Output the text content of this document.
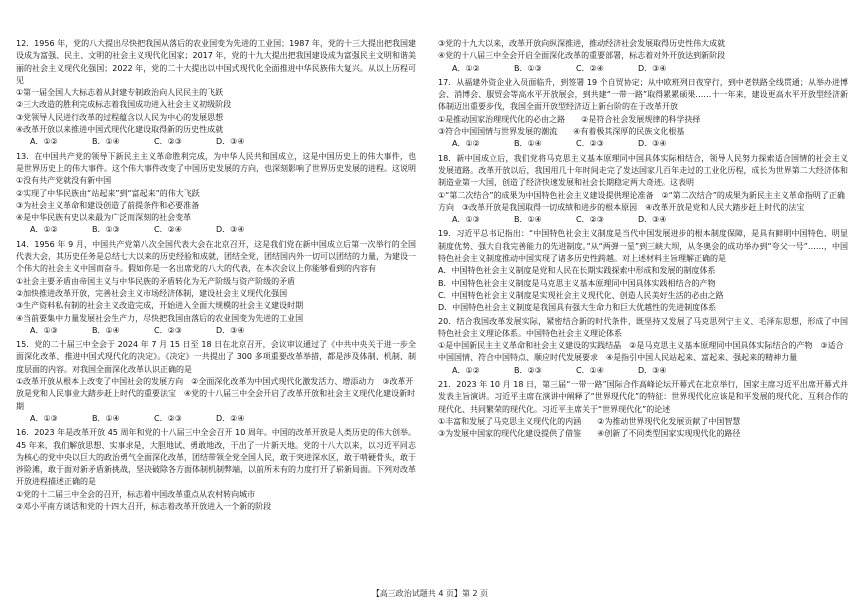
12．1956 年，党的八大提出尽快把我国从落后的农业国变为先进的工业国；1987 年，党的十三大提出把我国建设成为富强、民主、文明的社会主义现代化国家；2017 年，党的十九大提出把我国建设成为富强民主文明和谐美丽的社会主义现代化强国；2022 年，党的二十大提出以中国式现代化全面推进中华民族伟大复兴。从以上历程可见

①第一届全国人大标志着从封建专制政治向人民民主的飞跃

②三大改造的胜利完成标志着我国成功进入社会主义初级阶段

③党领导人民进行改革的过程蕴含以人民为中心的发展思想

④改革开放以来推进中国式现代化建设取得新的历史性成就

A．①②	B．①④	C．②③	D．③④

13．在中国共产党的领导下新民主主义革命胜利完成，为中华人民共和国成立，这是中国历史上的伟大事件，也是世界历史上的伟大事件。这个伟大事件改变了中国历史发展的方向，也深刻影响了世界历史发展的进程。这说明

①没有共产党就没有新中国

②实现了中华民族由“站起来”到“富起来”的伟大飞跃

③为社会主义革命和建设创造了前提条件和必要准备

④是中华民族有史以来最为广泛而深刻的社会变革

A．①②	B．①③	C．②④	D．③④

14．1956 年 9 月，中国共产党第八次全国代表大会在北京召开，这是我们党在新中国成立后第一次举行的全国代表大会，其历史任务是总结七大以来的历史经验和成就，团结全党，团结国内外一切可以团结的力量，为建设一个伟大的社会主义中国而奋斗。假如你是一名出席党的八大的代表，在本次会议上你能够看到的内容有

①社会主要矛盾由帝国主义与中华民族的矛盾转化为无产阶级与资产阶级的矛盾

②加快推进改革开放，完善社会主义市场经济体制，建设社会主义现代化强国

③生产资料私有制的社会主义改造完成，开始进入全面大规模的社会主义建设时期

④当前要集中力量发展社会生产力，尽快把我国由落后的农业国变为先进的工业国

A．①③	B．①④	C．②③	D．③④

15．党的二十届三中全会于 2024 年 7 月 15 日至 18 日在北京召开，会议审议通过了《中共中央关于进一步全面深化改革、推进中国式现代化的决定》。《决定》一共提出了 300 多项重要改革举措，都是涉及体制、机制、制度层面的内容。对我国全面深化改革认识正确的是

①改革开放从根本上改变了中国社会的发展方向　②全面深化改革为中国式现代化激发活力、增添动力　③改革开放是党和人民事业大踏步赶上时代的重要法宝　④党的十八届三中全会开启了改革开放和社会主义现代化建设新时期

A．①③	B．①④	C．②③	D．②④

16．2023 年是改革开放 45 周年和党的十八届三中全会召开 10 周年。中国的改革开放是人类历史的伟大创举。45 年来，我们解放思想、实事求是，大胆地试、勇敢地改，干出了一片新天地。党的十八大以来，以习近平同志为核心的党中央以巨大的政治勇气全面深化改革，团结带领全党全国人民，敢于突进深水区，敢于啃硬骨头，敢于涉险滩，敢于面对新矛盾新挑战，坚决破除各方面体制机制弊端，以前所未有的力度打开了崭新局面。下列对改革开放进程描述正确的是

①党的十二届三中全会的召开，标志着中国改革重点从农村转向城市

②邓小平南方谈话和党的十四大召开，标志着改革开放进入一个新的阶段

③党的十九大以来，改革开放向纵深推进，推动经济社会发展取得历史性伟大成就

④党的十八届三中全会开启全面深化改革的重要部署，标志着对外开放达到新阶段

A．①②	B．①③	C．②④	D．③④

17．从福建外资企业入员面临升，到签署 19 个自贸协定；从中欧班列日夜穿行，到中老铁路全线贯通；从举办进博会、消博会、服贸会等高水平开放展会，到共建“一带一路”取得累累硕果……十一年来，建设更高水平开放型经济新体制迈出重要步伐，我国全面开放型经济迈上新台阶的在于改革开放

①是推动国家治理现代化的必由之路　　②是符合社会发展规律的科学抉择

③符合中国国情与世界发展的潮流　　④有着极其深厚的民族文化根基

A．①②	B．①④	C．②③	D．③④

18．新中国成立后，我们党将马克思主义基本原理同中国具体实际相结合，领导人民努力探索适合国情的社会主义发展道路。改革开放以后，我国用几十年时间走完了发达国家几百年走过的工业化历程，成长为世界第二大经济体和制造业第一大国，创造了经济快速发展和社会长期稳定两大奇迹。这表明

①“第二次结合”的成果为中国特色社会主义建设提供理论准备　②“第二次结合”的成果为新民主主义革命指明了正确方向　③改革开放是我国取得一切成绩和进步的根本原因　④改革开放是党和人民大踏步赶上时代的法宝

A．①③	B．①④	C．②③	D．③④

19．习近平总书记指出：“中国特色社会主义制度是当代中国发展进步的根本制度保障，是具有鲜明中国特色、明显制度优势、强大自我完善能力的先进制度。”从“两弹一星”到三峡大坝，从冬奥会的成功举办到“夸父一号”……，中国特色社会主义制度推动中国实现了诸多历史性跨越。对上述材料主旨理解正确的是

A．中国特色社会主义制度是党和人民在长期实践探索中形成和发展的制度体系

B．中国特色社会主义制度是马克思主义基本原理同中国具体实践相结合的产物

C．中国特色社会主义制度是实现社会主义现代化、创造人民美好生活的必由之路

D．中国特色社会主义制度是我国具有强大生命力和巨大优越性的先进制度体系

20．结合我国改革发展实际，紧密结合新的时代条件，既坚持又发展了马克思列宁主义、毛泽东思想，形成了中国特色社会主义理论体系。中国特色社会主义理论体系

①是中国新民主主义革命和社会主义建设的实践结晶　②是马克思主义基本原理同中国具体实际结合的产物　③适合中国国情、符合中国特点、顺应时代发展要求　④是指引中国人民站起来、富起来、强起来的精神力量

A．①②	B．②③	C．①④	D．③④

21．2023 年 10 月 18 日，第三届“一带一路”国际合作高峰论坛开幕式在北京举行，国家主席习近平出席开幕式并发表主旨演讲。习近平主席在演讲中阐释了“世界现代化”的特征：世界现代化应该是和平发展的现代化、互利合作的现代化、共同繁荣的现代化。习近平主席关于“世界现代化”的论述

①丰富和发展了马克思主义现代化的内涵　　②为推动世界现代化发展贡献了中国智慧

③为发展中国家的现代化建设提供了借鉴　　④创新了不同类型国家实现现代化的路径

【高三政治试题共 4 页】第 2 页
